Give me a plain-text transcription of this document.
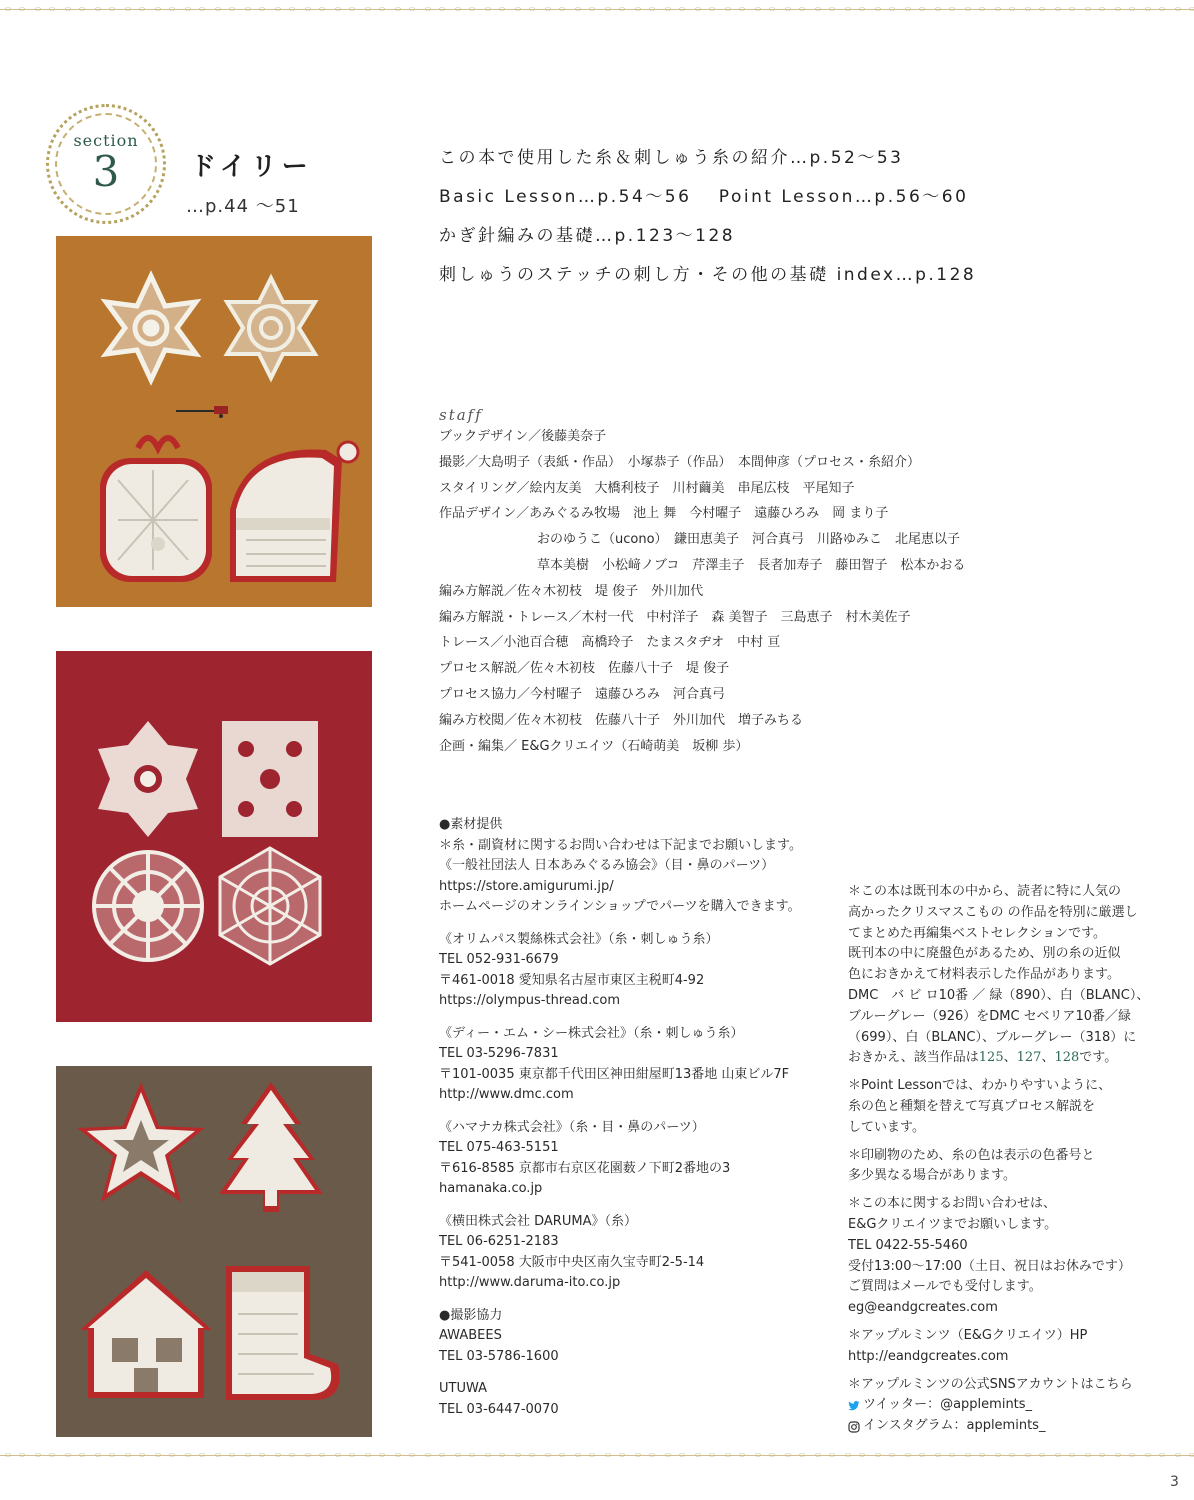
section
3	ドイリー
…p.44 ～51
この本で使用した糸＆刺しゅう糸の紹介…p.52～53
Basic Lesson…p.54～56　 Point Lesson…p.56～60
かぎ針編みの基礎…p.123～128
刺しゅうのステッチの刺し方・その他の基礎 index…p.128
staff
ブックデザイン／後藤美奈子
撮影／大島明子（表紙・作品）　小塚恭子（作品）　本間伸彦（プロセス・糸紹介）
スタイリング／絵内友美　大橋利枝子　川村繭美　串尾広枝　平尾知子
作品デザイン／あみぐるみ牧場　池上 舞　今村曜子　遠藤ひろみ　岡 まり子
おのゆうこ（ucono）　鎌田恵美子　河合真弓　川路ゆみこ　北尾恵以子
草本美樹　小松﨑ノブコ　芹澤圭子　長者加寿子　藤田智子　松本かおる
編み方解説／佐々木初枝　堤 俊子　外川加代
編み方解説・トレース／木村一代　中村洋子　森 美智子　三島恵子　村木美佐子
トレース／小池百合穂　高橋玲子　たまスタヂオ　中村 亘
プロセス解説／佐々木初枝　佐藤八十子　堤 俊子
プロセス協力／今村曜子　遠藤ひろみ　河合真弓
編み方校閲／佐々木初枝　佐藤八十子　外川加代　増子みちる
企画・編集／ E&Gクリエイツ（石崎萌美　坂柳 歩）
●素材提供
＊糸・副資材に関するお問い合わせは下記までお願いします。
《一般社団法人 日本あみぐるみ協会》（目・鼻のパーツ）
https://store.amigurumi.jp/
ホームページのオンラインショップでパーツを購入できます。
《オリムパス製絲株式会社》（糸・刺しゅう糸）
TEL 052-931-6679
〒461-0018 愛知県名古屋市東区主税町4-92
https://olympus-thread.com
《ディー・エム・シー株式会社》（糸・刺しゅう糸）
TEL 03-5296-7831
〒101-0035 東京都千代田区神田紺屋町13番地 山東ビル7F
http://www.dmc.com
《ハマナカ株式会社》（糸・目・鼻のパーツ）
TEL 075-463-5151
〒616-8585 京都市右京区花園薮ノ下町2番地の3
hamanaka.co.jp
《横田株式会社 DARUMA》（糸）
TEL 06-6251-2183
〒541-0058 大阪市中央区南久宝寺町2-5-14
http://www.daruma-ito.co.jp
●撮影協力
AWABEES
TEL 03-5786-1600
UTUWA
TEL 03-6447-0070
＊この本は既刊本の中から、読者に特に人気の
高かったクリスマスこもの の作品を特別に厳選し
てまとめた再編集ベストセレクションです。
既刊本の中に廃盤色があるため、別の糸の近似
色におきかえて材料表示した作品があります。
DMC　バ ビ ロ10番 ／ 緑（890）、白（BLANC）、
ブルーグレー（926）をDMC セベリア10番／緑
（699）、白（BLANC）、ブルーグレー（318）に
おきかえ、該当作品は125、127、128です。
＊Point Lessonでは、わかりやすいように、
糸の色と種類を替えて写真プロセス解説を
しています。
＊印刷物のため、糸の色は表示の色番号と
多少異なる場合があります。
＊この本に関するお問い合わせは、
E&Gクリエイツまでお願いします。
TEL 0422-55-5460
受付13:00～17:00（土日、祝日はお休みです）
ご質問はメールでも受付します。
eg@eandgcreates.com
＊アップルミンツ（E&Gクリエイツ）HP
http://eandgcreates.com
＊アップルミンツの公式SNSアカウントはこちら
ツイッター：@applemints_
インスタグラム：applemints_
3
